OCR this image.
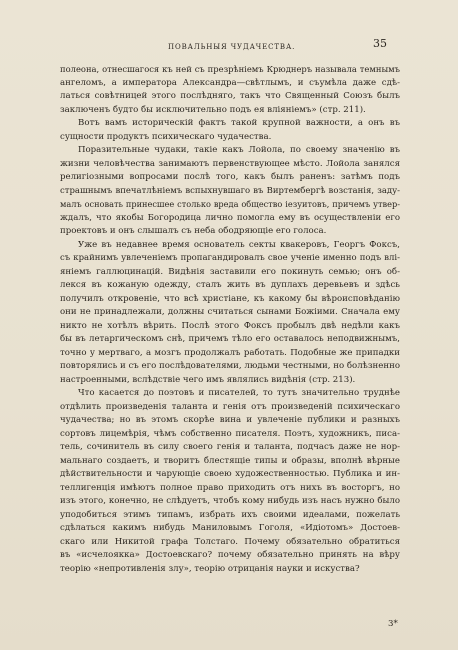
ПОВАЛЬНЫЯ ЧУДАЧЕСТВА.	35
полеона, отнесшагося къ ней съ презрѣніемъ Крюднеръ называла темнымъ
ангеломъ, а императора Александра—свѣтлымъ, и съумѣла даже сдѣ-
латься совѣтницей этого послѣдняго, такъ что Священный Союзъ былъ
заключенъ будто бы исключительно подъ ея вліяніемъ» (стр. 211).
Вотъ вамъ историческій фактъ такой крупной важности, а онъ въ
сущности продуктъ психическаго чудачества.
Поразительные чудаки, такіе какъ Лойола, по своему значенію въ
жизни человѣчества занимаютъ первенствующее мѣсто. Лойола занялся
религіозными вопросами послѣ того, какъ былъ раненъ: затѣмъ подъ
страшнымъ впечатлѣніемъ вспыхнувшаго въ Виртембергѣ возстанія, заду-
малъ основать принесшее столько вреда общество іезуитовъ, причемъ утвер-
ждалъ, что якобы Богородица лично помогла ему въ осуществленіи его
проектовъ и онъ слышалъ съ неба ободряющіе его голоса.
Уже въ недавнее время основатель секты квакеровъ, Георгъ Фоксъ,
съ крайнимъ увлеченіемъ пропагандировалъ свое ученіе именно подъ влі-
яніемъ галлюцинацій. Видѣнія заставили его покинуть семью; онъ об-
лекся въ кожаную одежду, сталъ жить въ дуплахъ деревьевъ и здѣсь
получилъ откровеніе, что всѣ христіане, къ какому бы вѣроисповѣданію
они не принадлежали, должны считаться сынами Божіими. Сначала ему
никто не хотѣлъ вѣрить. Послѣ этого Фоксъ пробылъ двѣ недѣли какъ
бы въ летаргическомъ снѣ, причемъ тѣло его оставалось неподвижнымъ,
точно у мертваго, а мозгъ продолжалъ работать. Подобные же припадки
повторялись и съ его послѣдователями, людьми честными, но болѣзненно
настроенными, вслѣдствіе чего имъ являлись видѣнія (стр. 213).
Что касается до поэтовъ и писателей, то тутъ значительно труднѣе
отдѣлить произведенія таланта и генія отъ произведеній психическаго
чудачества; но въ этомъ скорѣе вина и увлеченіе публики и разныхъ
сортовъ лицемѣрія, чѣмъ собственно писателя. Поэтъ, художникъ, писа-
тель, сочинитель въ силу своего генія и таланта, подчасъ даже не нор-
мальнаго создаетъ, и творитъ блестящіе типы и образы, вполнѣ вѣрные
дѣйствительности и чарующіе своею художественностью. Публика и ин-
теллигенція имѣютъ полное право приходить отъ нихъ въ восторгъ, но
изъ этого, конечно, не слѣдуетъ, чтобъ кому нибудь изъ насъ нужно было
уподобиться этимъ типамъ, избрать ихъ своими идеалами, пожелать
сдѣлаться какимъ нибудь Маниловымъ Гоголя, «Идіотомъ» Достоев-
скаго или Никитой графа Толстаго. Почему обязательно обратиться
въ «исчелоякка» Достоевскаго? почему обязательно принять на вѣру
теорію «непротивленія злу», теорію отрицанія науки и искуства?
3*
